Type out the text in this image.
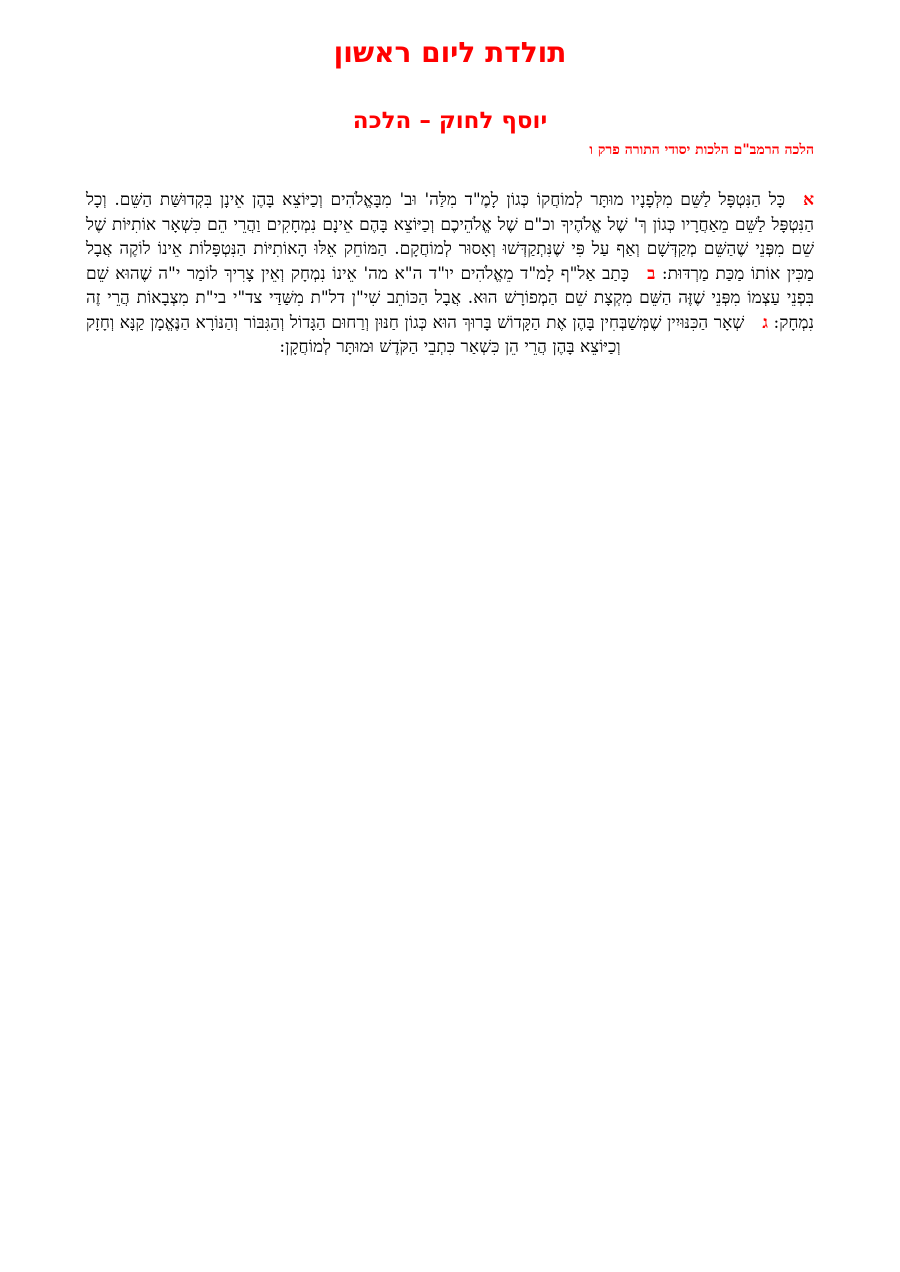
תולדת ליום ראשון
יוסף לחוק – הלכה
הלכה הרמב"ם הלכות יסודי התורה פרק ו

אכָּל הַנִּטְפָּל לַשֵּׁם מִלְּפָנָיו מוּתָּר לְמוֹחֲקוֹ כְּגוֹן לָמֶ"ד מִלַּה' וּב' מִבָּאֱלֹהִים וְכַיּוֹצֵא בָּהֶן אֵינָן בִּקְדוּשַּׁת הַשֵּׁם. וְכָל הַנִּטְפָּל לַשֵּׁם מֵאַחֲרָיו כְּגוֹן ךְ' שֶׁל אֱלֹהֶיךָ וכ"ם שֶׁל אֱלֹהֵיכֶם וְכַיּוֹצֵא בָּהֶם אֵינָם נִמְחָקִים וַהֲרֵי הֵם כִּשְׁאָר אוֹתִיּוֹת שֶׁל שֵׁם מִפְּנֵי שֶׁהַשֵּׁם מְקַדְּשָׁם וְאַף עַל פִּי שֶׁנִּתְקַדְּשׁוּ וְאָסוּר לְמוֹחֲקָם. הַמּוֹחֵק אֵלּוּ הָאוֹתִיּוֹת הַנִּטְפָּלוֹת אֵינוֹ לוֹקֶה אֲבָל מַכִּין אוֹתוֹ מַכַּת מַרְדּוּת: בכָּתַב אַל"ף לָמ"ד מֵאֱלֹהִים יו"ד ה"א מה' אֵינוֹ נִמְחָק וְאֵין צָרִיךְ לוֹמַר י"ה שֶׁהוּא שֵׁם בִּפְנֵי עַצְמוֹ מִפְּנֵי שֶׁזֶּה הַשֵּׁם מִקְצָת שֵׁם הַמְפוֹרָשׁ הוּא. אֲבָל הַכּוֹתֵב שִׁי"ן דל"ת מִשַּׁדַּי צד"י בי"ת מִצְבָאוֹת הֲרֵי זֶה נִמְחָק: גשְׁאָר הַכִּנּוּיִין שֶׁמְּשַׁבְּחִין בָּהֶן אֶת הַקָּדוֹשׁ בָּרוּךְ הוּא כְּגוֹן חַנּוּן וְרַחוּם הַגָּדוֹל וְהַגִּבּוֹר וְהַנּוֹרָא הַנֶּאֱמָן קַנָּא וְחָזָק וְכַיּוֹצֵא בָּהֶן הֲרֵי הֵן כִּשְׁאַר כִּתְבֵי הַקֹּדֶשׁ וּמוּתָּר לְמוֹחֲקָן:
